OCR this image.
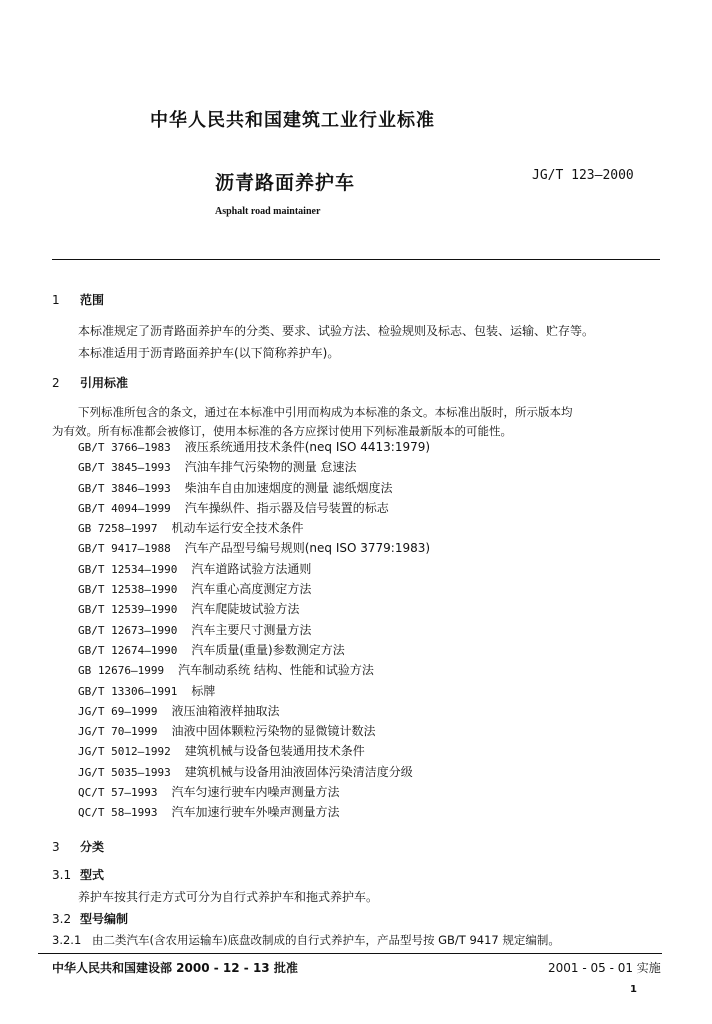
中华人民共和国建筑工业行业标准
沥青路面养护车	JG/T 123—2000
Asphalt road maintainer
1 范围
本标准规定了沥青路面养护车的分类、要求、试验方法、检验规则及标志、包装、运输、贮存等。
本标准适用于沥青路面养护车(以下简称养护车)。
2 引用标准
下列标准所包含的条文，通过在本标准中引用而构成为本标准的条文。本标准出版时，所示版本均
为有效。所有标准都会被修订，使用本标准的各方应探讨使用下列标准最新版本的可能性。
GB/T 3766—1983 液压系统通用技术条件(neq ISO 4413:1979)
GB/T 3845—1993 汽油车排气污染物的测量 怠速法
GB/T 3846—1993 柴油车自由加速烟度的测量 滤纸烟度法
GB/T 4094—1999 汽车操纵件、指示器及信号装置的标志
GB 7258—1997 机动车运行安全技术条件
GB/T 9417—1988 汽车产品型号编号规则(neq ISO 3779:1983)
GB/T 12534—1990 汽车道路试验方法通则
GB/T 12538—1990 汽车重心高度测定方法
GB/T 12539—1990 汽车爬陡坡试验方法
GB/T 12673—1990 汽车主要尺寸测量方法
GB/T 12674—1990 汽车质量(重量)参数测定方法
GB 12676—1999 汽车制动系统 结构、性能和试验方法
GB/T 13306—1991 标牌
JG/T 69—1999 液压油箱液样抽取法
JG/T 70—1999 油液中固体颗粒污染物的显微镜计数法
JG/T 5012—1992 建筑机械与设备包装通用技术条件
JG/T 5035—1993 建筑机械与设备用油液固体污染清洁度分级
QC/T 57—1993 汽车匀速行驶车内噪声测量方法
QC/T 58—1993 汽车加速行驶车外噪声测量方法
3 分类
3.1 型式
养护车按其行走方式可分为自行式养护车和拖式养护车。
3.2 型号编制
3.2.1 由二类汽车(含农用运输车)底盘改制成的自行式养护车，产品型号按 GB/T 9417 规定编制。
中华人民共和国建设部 2000 - 12 - 13 批准	2001 - 05 - 01 实施
1
